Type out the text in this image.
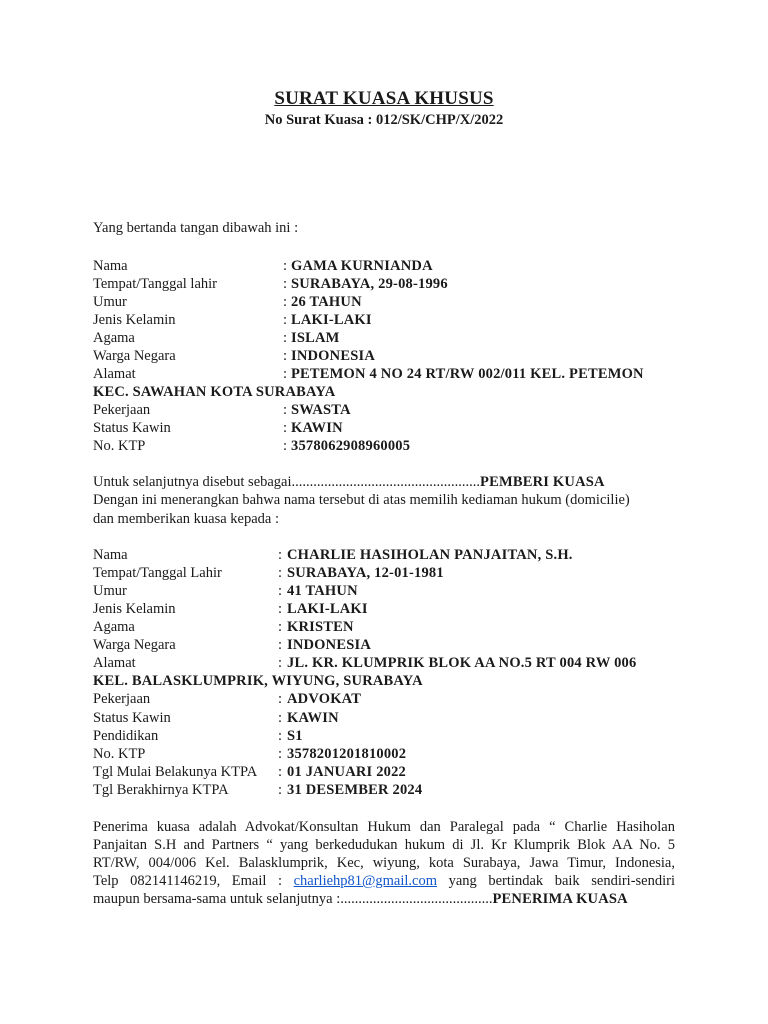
SURAT KUASA KHUSUS
No Surat Kuasa : 012/SK/CHP/X/2022
Yang bertanda tangan dibawah ini :
Nama	: GAMA KURNIANDA
Tempat/Tanggal lahir	: SURABAYA, 29-08-1996
Umur	: 26 TAHUN
Jenis Kelamin	: LAKI-LAKI
Agama	: ISLAM
Warga Negara	: INDONESIA
Alamat	: PETEMON 4 NO 24 RT/RW 002/011 KEL. PETEMON
KEC. SAWAHAN KOTA SURABAYA
Pekerjaan	: SWASTA
Status Kawin	: KAWIN
No. KTP	: 3578062908960005
Untuk selanjutnya disebut sebagai....................................................PEMBERI KUASA
Dengan ini menerangkan bahwa nama tersebut di atas memilih kediaman hukum (domicilie)
dan memberikan kuasa kepada :
Nama	: CHARLIE HASIHOLAN PANJAITAN, S.H.
Tempat/Tanggal Lahir	: SURABAYA, 12-01-1981
Umur	: 41 TAHUN
Jenis Kelamin	: LAKI-LAKI
Agama	: KRISTEN
Warga Negara	: INDONESIA
Alamat	: JL. KR. KLUMPRIK BLOK AA NO.5 RT 004 RW 006
KEL. BALASKLUMPRIK, WIYUNG, SURABAYA
Pekerjaan	: ADVOKAT
Status Kawin	: KAWIN
Pendidikan	: S1
No. KTP	: 3578201201810002
Tgl Mulai Belakunya KTPA : 01 JANUARI 2022
Tgl Berakhirnya KTPA	: 31 DESEMBER 2024
Penerima kuasa adalah Advokat/Konsultan Hukum dan Paralegal pada “ Charlie Hasiholan
Panjaitan S.H and Partners “ yang berkedudukan hukum di Jl. Kr Klumprik Blok AA No. 5
RT/RW, 004/006 Kel. Balasklumprik, Kec, wiyung, kota Surabaya, Jawa Timur, Indonesia,
Telp 082141146219, Email : charliehp81@gmail.com yang bertindak baik sendiri-sendiri
maupun bersama-sama untuk selanjutnya :..........................................PENERIMA KUASA
